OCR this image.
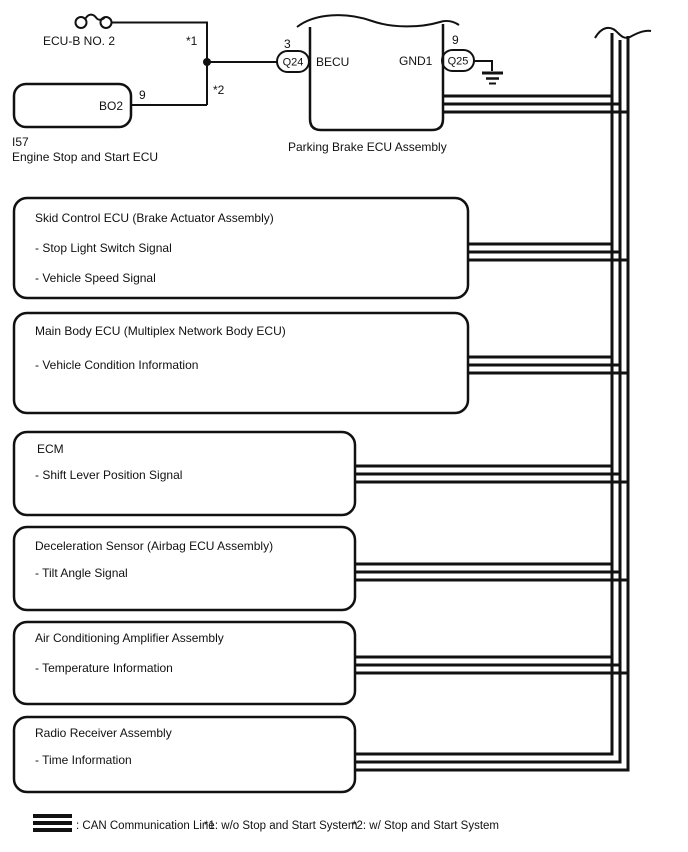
ECU-B NO. 2	*1
*2
BO2
9
I57
Engine Stop and Start ECU
Q24
3
BECU	GND1 Q25
9
Parking Brake ECU Assembly
Skid Control ECU (Brake Actuator Assembly)
- Stop Light Switch Signal
- Vehicle Speed Signal
Main Body ECU (Multiplex Network Body ECU)
- Vehicle Condition Information
ECM
- Shift Lever Position Signal
Deceleration Sensor (Airbag ECU Assembly)
- Tilt Angle Signal
Air Conditioning Amplifier Assembly
- Temperature Information
Radio Receiver Assembly
- Time Information
: CAN Communication Line
*1: w/o Stop and Start System
*2: w/ Stop and Start System
